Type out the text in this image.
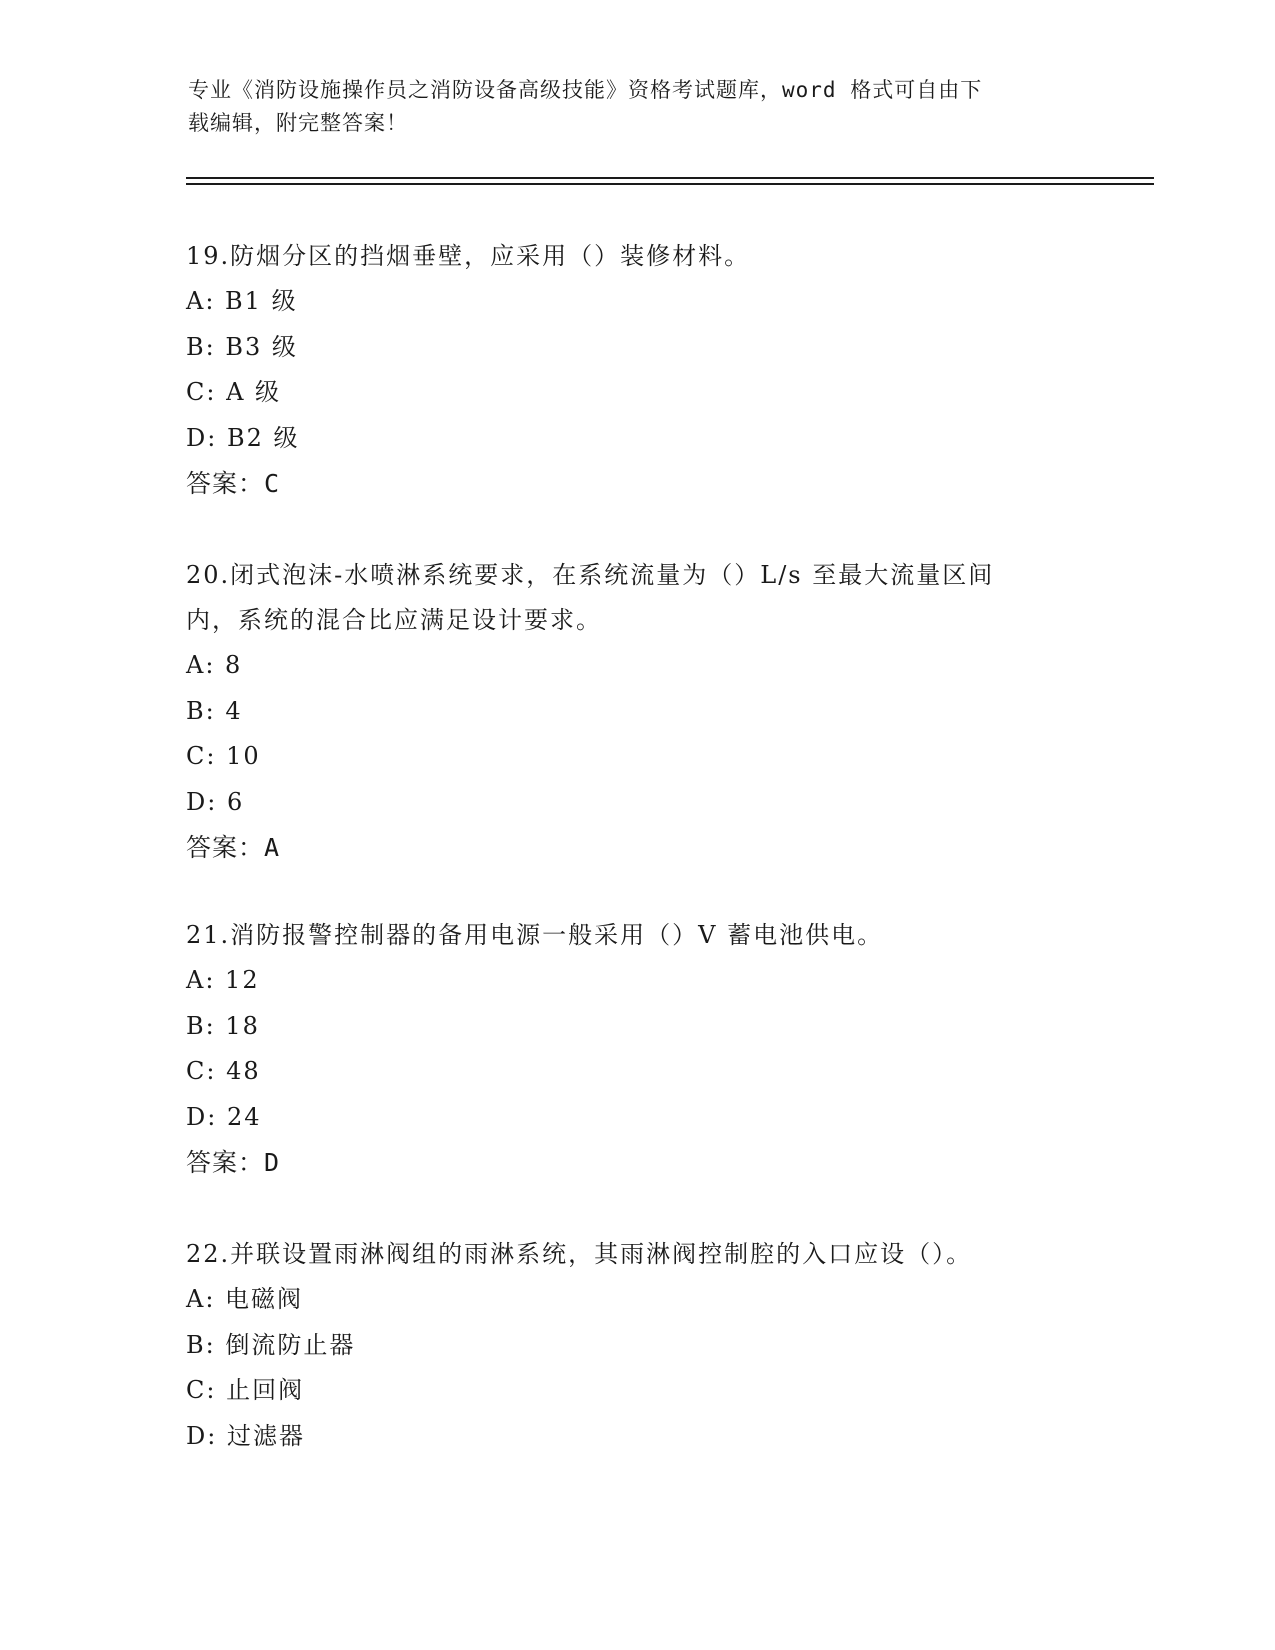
专业《消防设施操作员之消防设备高级技能》资格考试题库，word 格式可自由下
载编辑，附完整答案！
19.防烟分区的挡烟垂壁，应采用（）装修材料。
A: B1 级
B: B3 级
C: A 级
D: B2 级
答案：C
20.闭式泡沫-水喷淋系统要求，在系统流量为（）L/s 至最大流量区间
内，系统的混合比应满足设计要求。
A: 8
B: 4
C: 10
D: 6
答案：A
21.消防报警控制器的备用电源一般采用（）V 蓄电池供电。
A: 12
B: 18
C: 48
D: 24
答案：D
22.并联设置雨淋阀组的雨淋系统，其雨淋阀控制腔的入口应设（）。
A: 电磁阀
B: 倒流防止器
C: 止回阀
D: 过滤器
